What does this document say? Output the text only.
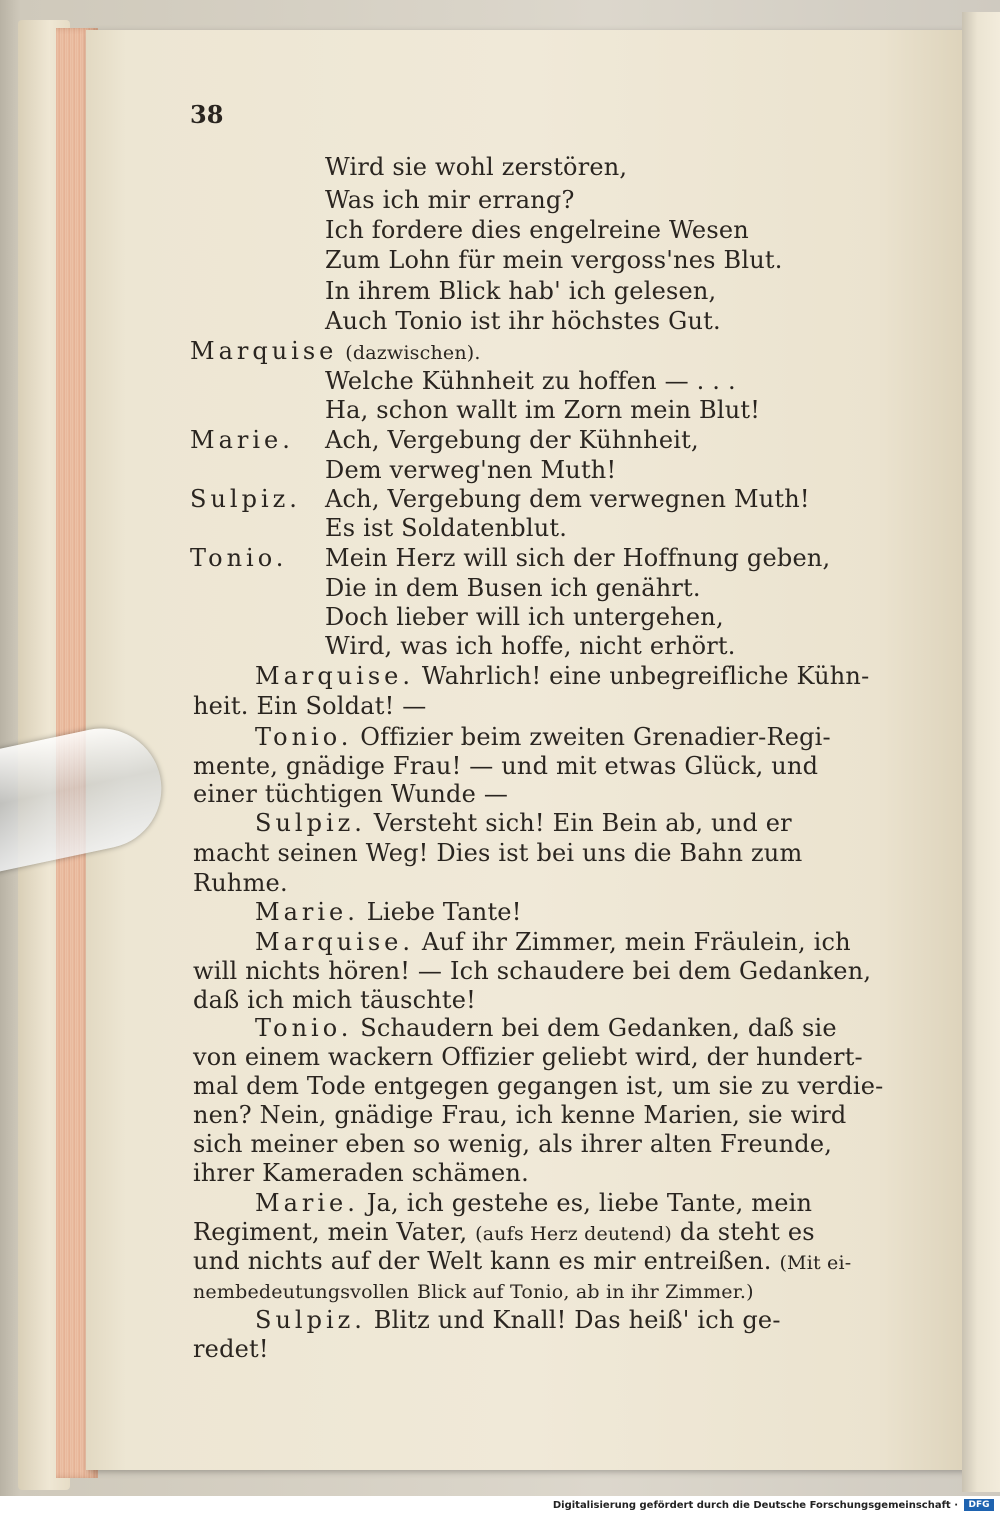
38
Wird sie wohl zerstören,
Was ich mir errang?
Ich fordere dies engelreine Wesen
Zum Lohn für mein vergoss'nes Blut.
In ihrem Blick hab' ich gelesen,
Auch Tonio ist ihr höchstes Gut.
Marquise (dazwischen).
Welche Kühnheit zu hoffen — . . .
Ha, schon wallt im Zorn mein Blut!
Marie. Ach, Vergebung der Kühnheit,
Dem verweg'nen Muth!
Sulpiz. Ach, Vergebung dem verwegnen Muth!
Es ist Soldatenblut.
Tonio. Mein Herz will sich der Hoffnung geben,
Die in dem Busen ich genährt.
Doch lieber will ich untergehen,
Wird, was ich hoffe, nicht erhört.
Marquise. Wahrlich! eine unbegreifliche Kühn-
heit. Ein Soldat! —
Tonio. Offizier beim zweiten Grenadier-Regi-
mente, gnädige Frau! — und mit etwas Glück, und
einer tüchtigen Wunde —
Sulpiz. Versteht sich! Ein Bein ab, und er
macht seinen Weg! Dies ist bei uns die Bahn zum
Ruhme.
Marie. Liebe Tante!
Marquise. Auf ihr Zimmer, mein Fräulein, ich
will nichts hören! — Ich schaudere bei dem Gedanken,
daß ich mich täuschte!
Tonio. Schaudern bei dem Gedanken, daß sie
von einem wackern Offizier geliebt wird, der hundert-
mal dem Tode entgegen gegangen ist, um sie zu verdie-
nen? Nein, gnädige Frau, ich kenne Marien, sie wird
sich meiner eben so wenig, als ihrer alten Freunde,
ihrer Kameraden schämen.
Marie. Ja, ich gestehe es, liebe Tante, mein
Regiment, mein Vater, (aufs Herz deutend) da steht es
und nichts auf der Welt kann es mir entreißen. (Mit ei-
nembedeutungsvollen Blick auf Tonio, ab in ihr Zimmer.)
Sulpiz. Blitz und Knall! Das heiß' ich ge-
redet!
Digitalisierung gefördert durch die Deutsche Forschungsgemeinschaft ·	DFG
